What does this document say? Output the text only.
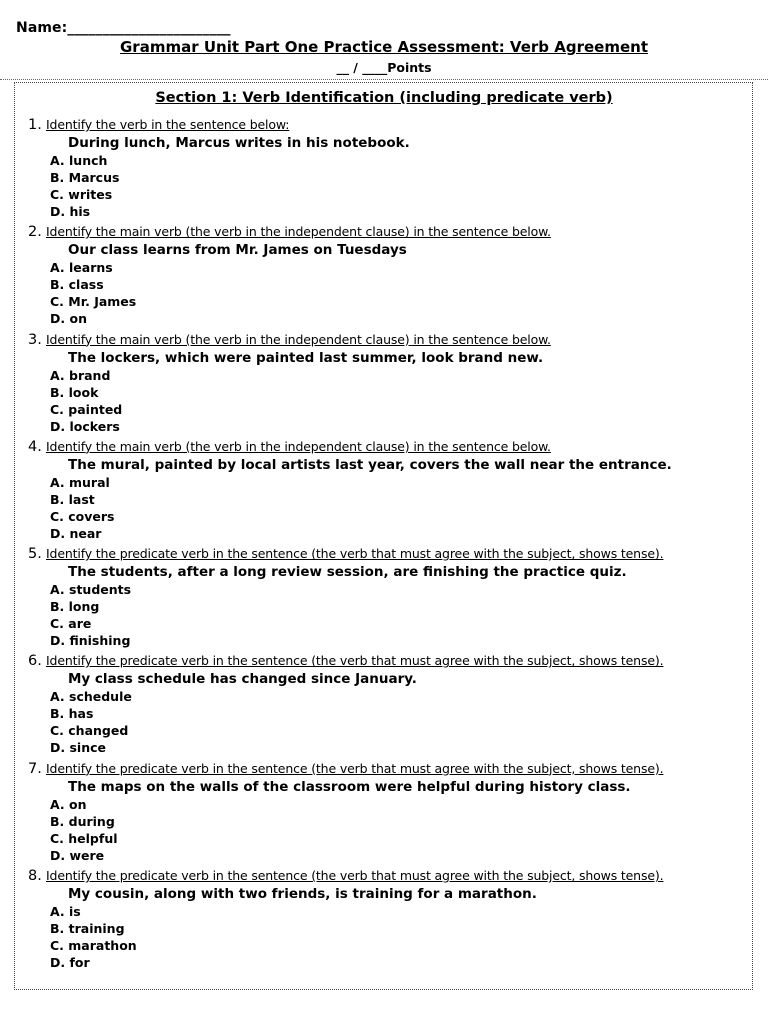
Name:_______________________
Grammar Unit Part One Practice Assessment: Verb Agreement
__ / ____Points
Section 1: Verb Identification (including predicate verb)
1. Identify the verb in the sentence below:
During lunch, Marcus writes in his notebook.
A. lunch
B. Marcus
C. writes
D. his
2. Identify the main verb (the verb in the independent clause) in the sentence below.
Our class learns from Mr. James on Tuesdays
A. learns
B. class
C. Mr. James
D. on
3. Identify the main verb (the verb in the independent clause) in the sentence below.
The lockers, which were painted last summer, look brand new.
A. brand
B. look
C. painted
D. lockers
4. Identify the main verb (the verb in the independent clause) in the sentence below.
The mural, painted by local artists last year, covers the wall near the entrance.
A. mural
B. last
C. covers
D. near
5. Identify the predicate verb in the sentence (the verb that must agree with the subject, shows tense).
The students, after a long review session, are finishing the practice quiz.
A. students
B. long
C. are
D. finishing
6. Identify the predicate verb in the sentence (the verb that must agree with the subject, shows tense).
My class schedule has changed since January.
A. schedule
B. has
C. changed
D. since
7. Identify the predicate verb in the sentence (the verb that must agree with the subject, shows tense).
The maps on the walls of the classroom were helpful during history class.
A. on
B. during
C. helpful
D. were
8. Identify the predicate verb in the sentence (the verb that must agree with the subject, shows tense).
My cousin, along with two friends, is training for a marathon.
A. is
B. training
C. marathon
D. for
